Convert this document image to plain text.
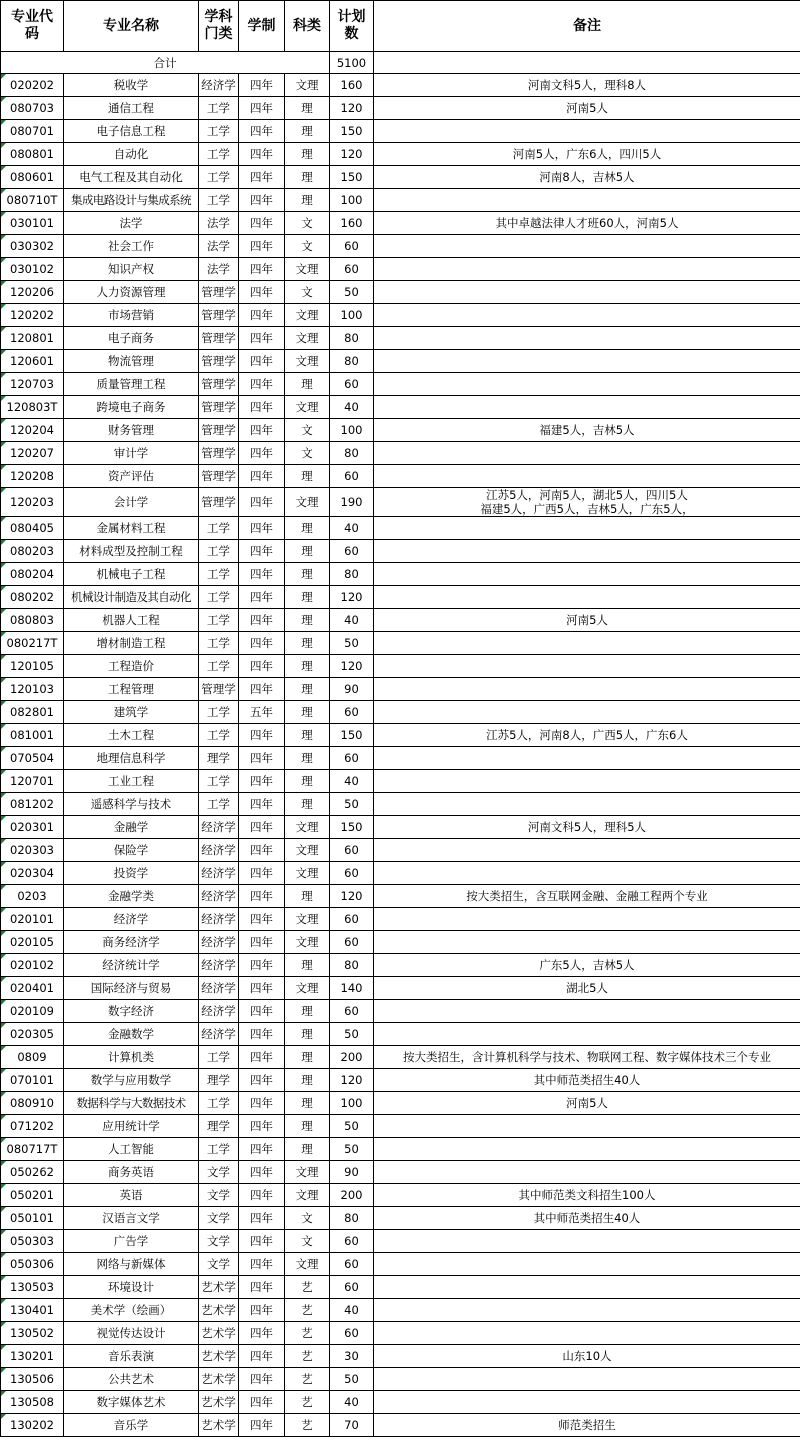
专业代码	专业名称	学科门类	学制	科类	计划数	备注
合计					5100	
020202	税收学	经济学	四年	文理	160	河南文科5人，理科8人
080703	通信工程	工学	四年	理	120	河南5人
080701	电子信息工程	工学	四年	理	150	
080801	自动化	工学	四年	理	120	河南5人，广东6人，四川5人
080601	电气工程及其自动化	工学	四年	理	150	河南8人，吉林5人
080710T	集成电路设计与集成系统	工学	四年	理	100	
030101	法学	法学	四年	文	160	其中卓越法律人才班60人，河南5人
030302	社会工作	法学	四年	文	60	
030102	知识产权	法学	四年	文理	60	
120206	人力资源管理	管理学	四年	文	50	
120202	市场营销	管理学	四年	文理	100	
120801	电子商务	管理学	四年	文理	80	
120601	物流管理	管理学	四年	文理	80	
120703	质量管理工程	管理学	四年	理	60	
120803T	跨境电子商务	管理学	四年	文理	40	
120204	财务管理	管理学	四年	文	100	福建5人，吉林5人
120207	审计学	管理学	四年	文	80	
120208	资产评估	管理学	四年	理	60	
120203	会计学	管理学	四年	文理	190	江苏5人，河南5人，湖北5人，四川5人
福建5人，广西5人，吉林5人，广东5人，
080405	金属材料工程	工学	四年	理	40	
080203	材料成型及控制工程	工学	四年	理	60	
080204	机械电子工程	工学	四年	理	80	
080202	机械设计制造及其自动化	工学	四年	理	120	
080803	机器人工程	工学	四年	理	40	河南5人
080217T	增材制造工程	工学	四年	理	50	
120105	工程造价	工学	四年	理	120	
120103	工程管理	管理学	四年	理	90	
082801	建筑学	工学	五年	理	60	
081001	土木工程	工学	四年	理	150	江苏5人，河南8人，广西5人，广东6人
070504	地理信息科学	理学	四年	理	60	
120701	工业工程	工学	四年	理	40	
081202	遥感科学与技术	工学	四年	理	50	
020301	金融学	经济学	四年	文理	150	河南文科5人，理科5人
020303	保险学	经济学	四年	文理	60	
020304	投资学	经济学	四年	文理	60	
0203	金融学类	经济学	四年	理	120	按大类招生，含互联网金融、金融工程两个专业
020101	经济学	经济学	四年	文理	60	
020105	商务经济学	经济学	四年	文理	60	
020102	经济统计学	经济学	四年	理	80	广东5人，吉林5人
020401	国际经济与贸易	经济学	四年	文理	140	湖北5人
020109	数字经济	经济学	四年	理	60	
020305	金融数学	经济学	四年	理	50	
0809	计算机类	工学	四年	理	200	按大类招生，含计算机科学与技术、物联网工程、数字媒体技术三个专业
070101	数学与应用数学	理学	四年	理	120	其中师范类招生40人
080910	数据科学与大数据技术	工学	四年	理	100	河南5人
071202	应用统计学	理学	四年	理	50	
080717T	人工智能	工学	四年	理	50	
050262	商务英语	文学	四年	文理	90	
050201	英语	文学	四年	文理	200	其中师范类文科招生100人
050101	汉语言文学	文学	四年	文	80	其中师范类招生40人
050303	广告学	文学	四年	文	60	
050306	网络与新媒体	文学	四年	文理	60	
130503	环境设计	艺术学	四年	艺	60	
130401	美术学（绘画）	艺术学	四年	艺	40	
130502	视觉传达设计	艺术学	四年	艺	60	
130201	音乐表演	艺术学	四年	艺	30	山东10人
130506	公共艺术	艺术学	四年	艺	50	
130508	数字媒体艺术	艺术学	四年	艺	40	
130202	音乐学	艺术学	四年	艺	70	师范类招生
